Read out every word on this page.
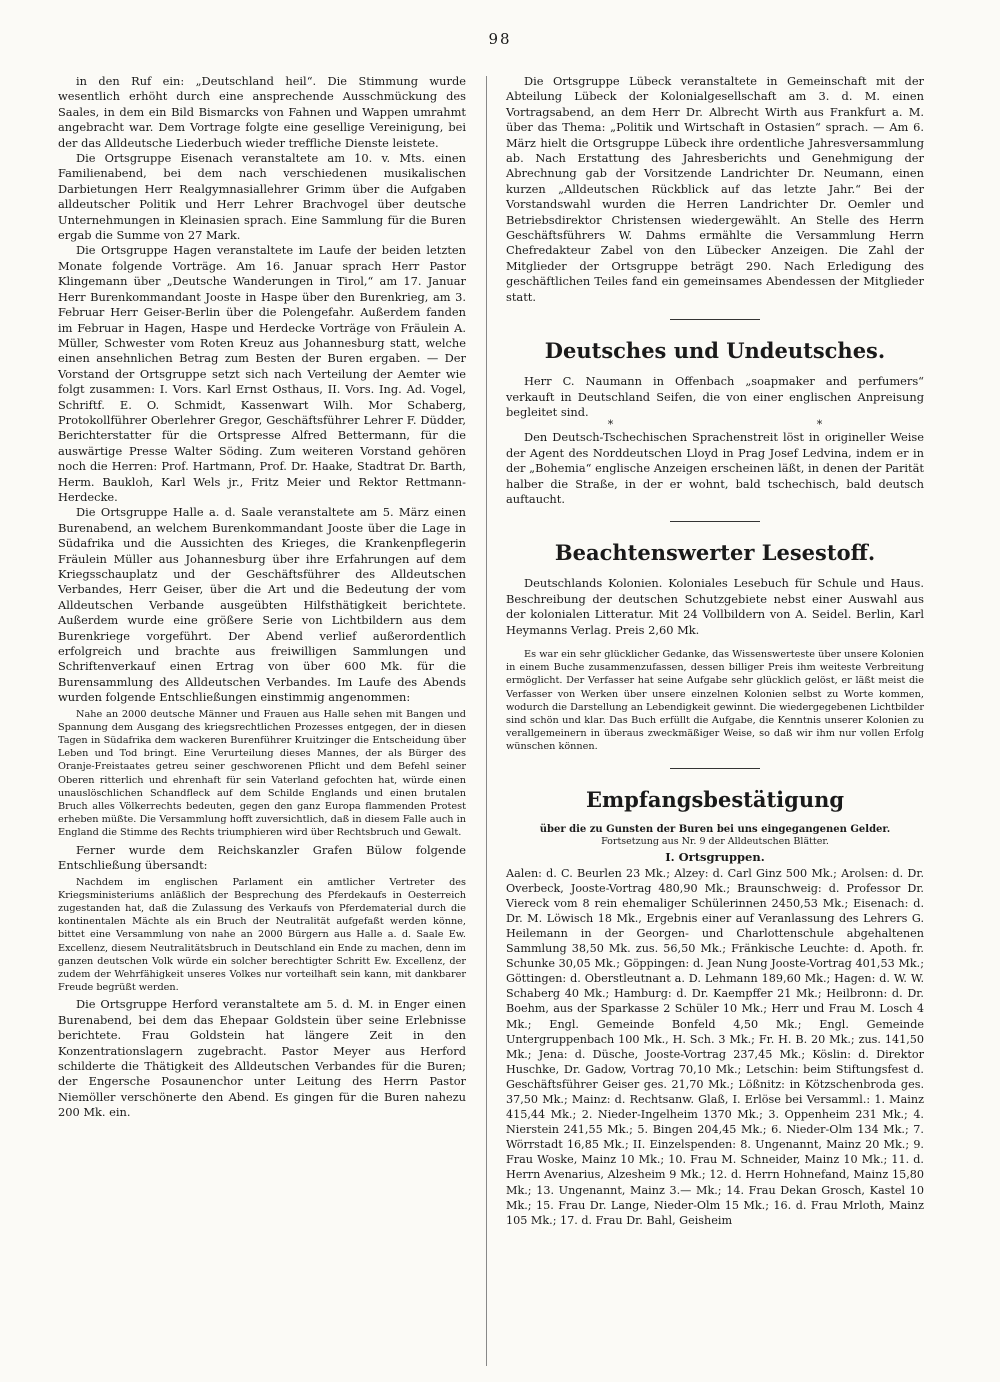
98

in den Ruf ein: „Deutschland heil“. Die Stimmung wurde wesentlich erhöht durch eine ansprechende Ausschmückung des Saales, in dem ein Bild Bismarcks von Fahnen und Wappen umrahmt angebracht war. Dem Vortrage folgte eine gesellige Vereinigung, bei der das Alldeutsche Liederbuch wieder treffliche Dienste leistete.

Die Ortsgruppe Eisenach veranstaltete am 10. v. Mts. einen Familienabend, bei dem nach verschiedenen musikalischen Darbietungen Herr Realgymnasiallehrer Grimm über die Aufgaben alldeutscher Politik und Herr Lehrer Brachvogel über deutsche Unternehmungen in Kleinasien sprach. Eine Sammlung für die Buren ergab die Summe von 27 Mark.

Die Ortsgruppe Hagen veranstaltete im Laufe der beiden letzten Monate folgende Vorträge. Am 16. Januar sprach Herr Pastor Klingemann über „Deutsche Wanderungen in Tirol,“ am 17. Januar Herr Burenkommandant Jooste in Haspe über den Burenkrieg, am 3. Februar Herr Geiser-Berlin über die Polengefahr. Außerdem fanden im Februar in Hagen, Haspe und Herdecke Vorträge von Fräulein A. Müller, Schwester vom Roten Kreuz aus Johannesburg statt, welche einen ansehnlichen Betrag zum Besten der Buren ergaben. — Der Vorstand der Ortsgruppe setzt sich nach Verteilung der Aemter wie folgt zusammen: I. Vors. Karl Ernst Osthaus, II. Vors. Ing. Ad. Vogel, Schriftf. E. O. Schmidt, Kassenwart Wilh. Mor Schaberg, Protokollführer Oberlehrer Gregor, Geschäftsführer Lehrer F. Düdder, Berichterstatter für die Ortspresse Alfred Bettermann, für die auswärtige Presse Walter Söding. Zum weiteren Vorstand gehören noch die Herren: Prof. Hartmann, Prof. Dr. Haake, Stadtrat Dr. Barth, Herm. Baukloh, Karl Wels jr., Fritz Meier und Rektor Rettmann-Herdecke.

Die Ortsgruppe Halle a. d. Saale veranstaltete am 5. März einen Burenabend, an welchem Burenkommandant Jooste über die Lage in Südafrika und die Aussichten des Krieges, die Krankenpflegerin Fräulein Müller aus Johannesburg über ihre Erfahrungen auf dem Kriegsschauplatz und der Geschäftsführer des Alldeutschen Verbandes, Herr Geiser, über die Art und die Bedeutung der vom Alldeutschen Verbande ausgeübten Hilfsthätigkeit berichtete. Außerdem wurde eine größere Serie von Lichtbildern aus dem Burenkriege vorgeführt. Der Abend verlief außerordentlich erfolgreich und brachte aus freiwilligen Sammlungen und Schriftenverkauf einen Ertrag von über 600 Mk. für die Burensammlung des Alldeutschen Verbandes. Im Laufe des Abends wurden folgende Entschließungen einstimmig angenommen:

Nahe an 2000 deutsche Männer und Frauen aus Halle sehen mit Bangen und Spannung dem Ausgang des kriegsrechtlichen Prozesses entgegen, der in diesen Tagen in Südafrika dem wackeren Burenführer Kruitzinger die Entscheidung über Leben und Tod bringt. Eine Verurteilung dieses Mannes, der als Bürger des Oranje-Freistaates getreu seiner geschworenen Pflicht und dem Befehl seiner Oberen ritterlich und ehrenhaft für sein Vaterland gefochten hat, würde einen unauslöschlichen Schandfleck auf dem Schilde Englands und einen brutalen Bruch alles Völkerrechts bedeuten, gegen den ganz Europa flammenden Protest erheben müßte. Die Versammlung hofft zuversichtlich, daß in diesem Falle auch in England die Stimme des Rechts triumphieren wird über Rechtsbruch und Gewalt.

Ferner wurde dem Reichskanzler Grafen Bülow folgende Entschließung übersandt:

Nachdem im englischen Parlament ein amtlicher Vertreter des Kriegsministeriums anläßlich der Besprechung des Pferdekaufs in Oesterreich zugestanden hat, daß die Zulassung des Verkaufs von Pferdematerial durch die kontinentalen Mächte als ein Bruch der Neutralität aufgefaßt werden könne, bittet eine Versammlung von nahe an 2000 Bürgern aus Halle a. d. Saale Ew. Excellenz, diesem Neutralitätsbruch in Deutschland ein Ende zu machen, denn im ganzen deutschen Volk würde ein solcher berechtigter Schritt Ew. Excellenz, der zudem der Wehrfähigkeit unseres Volkes nur vorteilhaft sein kann, mit dankbarer Freude begrüßt werden.

Die Ortsgruppe Herford veranstaltete am 5. d. M. in Enger einen Burenabend, bei dem das Ehepaar Goldstein über seine Erlebnisse berichtete. Frau Goldstein hat längere Zeit in den Konzentrationslagern zugebracht. Pastor Meyer aus Herford schilderte die Thätigkeit des Alldeutschen Verbandes für die Buren; der Engersche Posaunenchor unter Leitung des Herrn Pastor Niemöller verschönerte den Abend. Es gingen für die Buren nahezu 200 Mk. ein.

Die Ortsgruppe Lübeck veranstaltete in Gemeinschaft mit der Abteilung Lübeck der Kolonialgesellschaft am 3. d. M. einen Vortragsabend, an dem Herr Dr. Albrecht Wirth aus Frankfurt a. M. über das Thema: „Politik und Wirtschaft in Ostasien“ sprach. — Am 6. März hielt die Ortsgruppe Lübeck ihre ordentliche Jahresversammlung ab. Nach Erstattung des Jahresberichts und Genehmigung der Abrechnung gab der Vorsitzende Landrichter Dr. Neumann, einen kurzen „Alldeutschen Rückblick auf das letzte Jahr.“ Bei der Vorstandswahl wurden die Herren Landrichter Dr. Oemler und Betriebsdirektor Christensen wiedergewählt. An Stelle des Herrn Geschäftsführers W. Dahms ermählte die Versammlung Herrn Chefredakteur Zabel von den Lübecker Anzeigen. Die Zahl der Mitglieder der Ortsgruppe beträgt 290. Nach Erledigung des geschäftlichen Teiles fand ein gemeinsames Abendessen der Mitglieder statt.

Deutsches und Undeutsches.

Herr C. Naumann in Offenbach „soapmaker and perfumers“ verkauft in Deutschland Seifen, die von einer englischen Anpreisung begleitet sind.

* *

Den Deutsch-Tschechischen Sprachenstreit löst in origineller Weise der Agent des Norddeutschen Lloyd in Prag Josef Ledvina, indem er in der „Bohemia“ englische Anzeigen erscheinen läßt, in denen der Parität halber die Straße, in der er wohnt, bald tschechisch, bald deutsch auftaucht.

Beachtenswerter Lesestoff.

Deutschlands Kolonien. Koloniales Lesebuch für Schule und Haus. Beschreibung der deutschen Schutzgebiete nebst einer Auswahl aus der kolonialen Litteratur. Mit 24 Vollbildern von A. Seidel. Berlin, Karl Heymanns Verlag. Preis 2,60 Mk.

Es war ein sehr glücklicher Gedanke, das Wissenswerteste über unsere Kolonien in einem Buche zusammenzufassen, dessen billiger Preis ihm weiteste Verbreitung ermöglicht. Der Verfasser hat seine Aufgabe sehr glücklich gelöst, er läßt meist die Verfasser von Werken über unsere einzelnen Kolonien selbst zu Worte kommen, wodurch die Darstellung an Lebendigkeit gewinnt. Die wiedergegebenen Lichtbilder sind schön und klar. Das Buch erfüllt die Aufgabe, die Kenntnis unserer Kolonien zu verallgemeinern in überaus zweckmäßiger Weise, so daß wir ihm nur vollen Erfolg wünschen können.

Empfangsbestätigung

über die zu Gunsten der Buren bei uns eingegangenen Gelder.

Fortsetzung aus Nr. 9 der Alldeutschen Blätter.

I. Ortsgruppen.

Aalen: d. C. Beurlen 23 Mk.; Alzey: d. Carl Ginz 500 Mk.; Arolsen: d. Dr. Overbeck, Jooste-Vortrag 480,90 Mk.; Braunschweig: d. Professor Dr. Viereck vom 8 rein ehemaliger Schülerinnen 2450,53 Mk.; Eisenach: d. Dr. M. Löwisch 18 Mk., Ergebnis einer auf Veranlassung des Lehrers G. Heilemann in der Georgen- und Charlottenschule abgehaltenen Sammlung 38,50 Mk. zus. 56,50 Mk.; Fränkische Leuchte: d. Apoth. fr. Schunke 30,05 Mk.; Göppingen: d. Jean Nung Jooste-Vortrag 401,53 Mk.; Göttingen: d. Oberstleutnant a. D. Lehmann 189,60 Mk.; Hagen: d. W. W. Schaberg 40 Mk.; Hamburg: d. Dr. Kaempffer 21 Mk.; Heilbronn: d. Dr. Boehm, aus der Sparkasse 2 Schüler 10 Mk.; Herr und Frau M. Losch 4 Mk.; Engl. Gemeinde Bonfeld 4,50 Mk.; Engl. Gemeinde Untergruppenbach 100 Mk., H. Sch. 3 Mk.; Fr. H. B. 20 Mk.; zus. 141,50 Mk.; Jena: d. Düsche, Jooste-Vortrag 237,45 Mk.; Köslin: d. Direktor Huschke, Dr. Gadow, Vortrag 70,10 Mk.; Letschin: beim Stiftungsfest d. Geschäftsführer Geiser ges. 21,70 Mk.; Lößnitz: in Kötzschenbroda ges. 37,50 Mk.; Mainz: d. Rechtsanw. Glaß, I. Erlöse bei Versamml.: 1. Mainz 415,44 Mk.; 2. Nieder-Ingelheim 1370 Mk.; 3. Oppenheim 231 Mk.; 4. Nierstein 241,55 Mk.; 5. Bingen 204,45 Mk.; 6. Nieder-Olm 134 Mk.; 7. Wörrstadt 16,85 Mk.; II. Einzelspenden: 8. Ungenannt, Mainz 20 Mk.; 9. Frau Woske, Mainz 10 Mk.; 10. Frau M. Schneider, Mainz 10 Mk.; 11. d. Herrn Avenarius, Alzesheim 9 Mk.; 12. d. Herrn Hohnefand, Mainz 15,80 Mk.; 13. Ungenannt, Mainz 3.— Mk.; 14. Frau Dekan Grosch, Kastel 10 Mk.; 15. Frau Dr. Lange, Nieder-Olm 15 Mk.; 16. d. Frau Mrloth, Mainz 105 Mk.; 17. d. Frau Dr. Bahl, Geisheim
